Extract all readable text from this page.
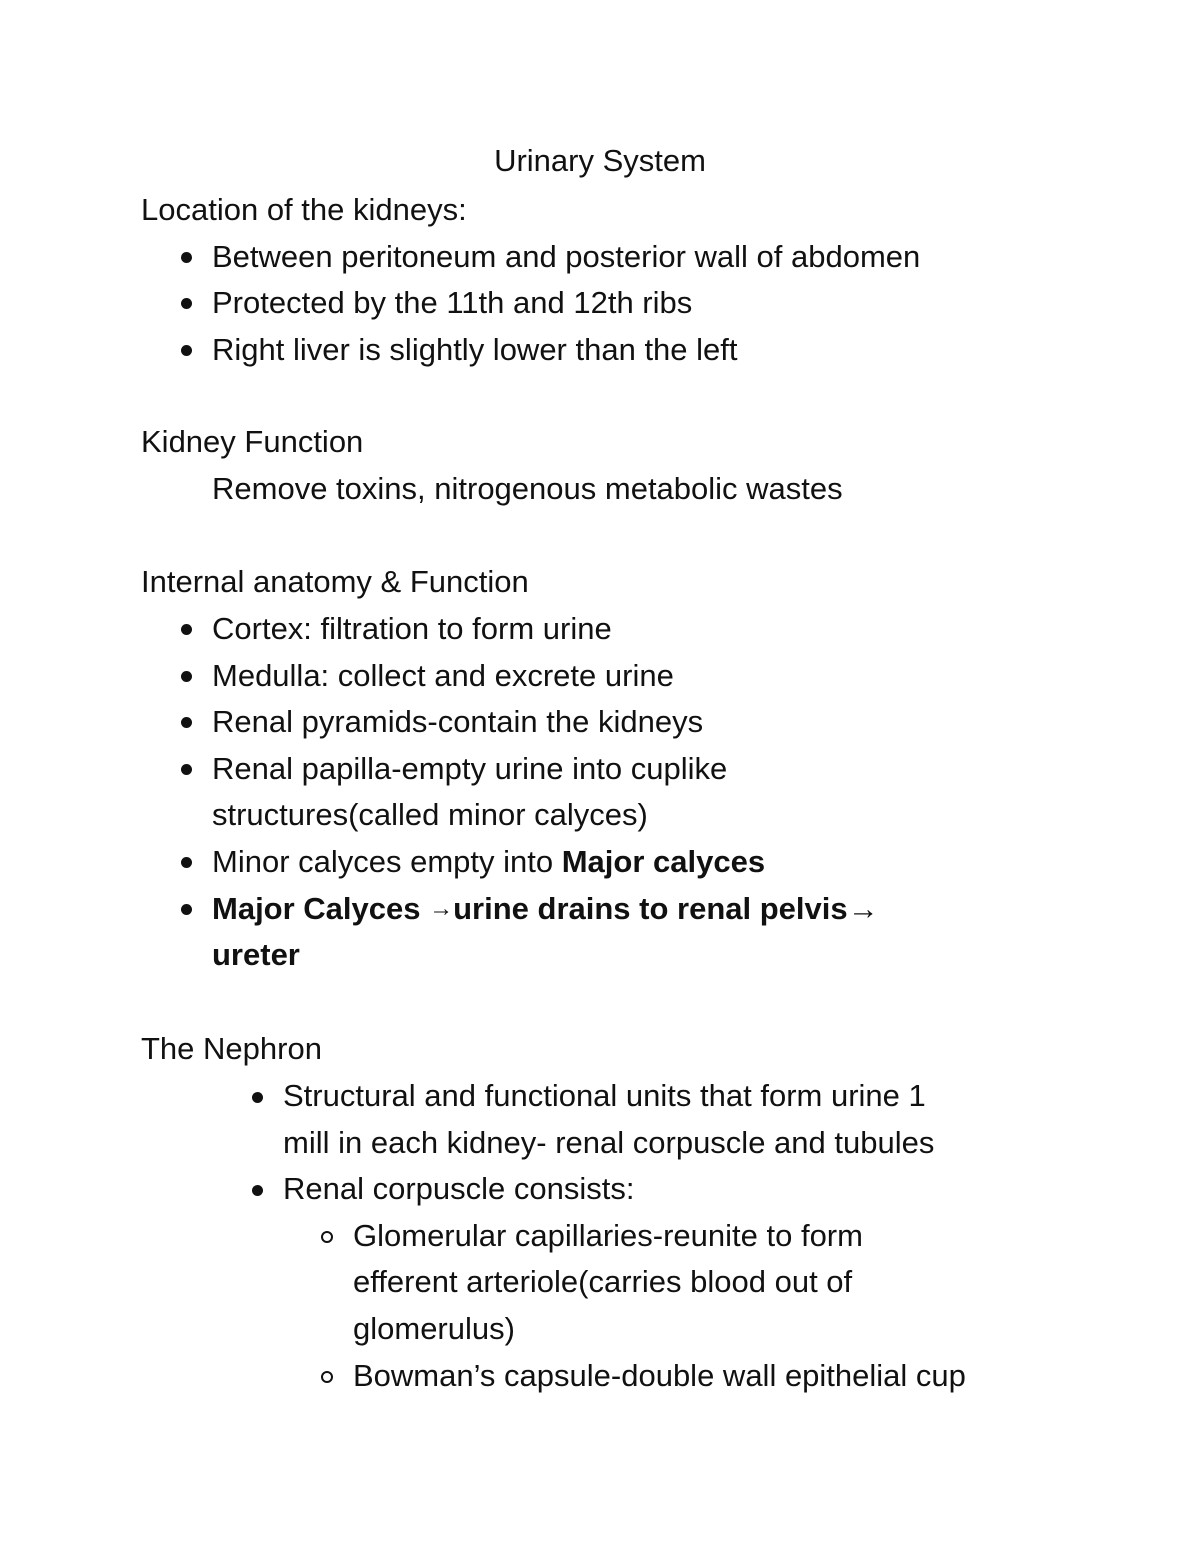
Urinary System
Location of the kidneys:
Between peritoneum and posterior wall of abdomen
Protected by the 11th and 12th ribs
Right liver is slightly lower than the left
Kidney Function
Remove toxins, nitrogenous metabolic wastes
Internal anatomy & Function
Cortex: filtration to form urine
Medulla: collect and excrete urine
Renal pyramids-contain the kidneys
Renal papilla-empty urine into cuplike
structures(called minor calyces)
Minor calyces empty into Major calyces
Major Calyces →urine drains to renal pelvis→
ureter
The Nephron
Structural and functional units that form urine 1
mill in each kidney- renal corpuscle and tubules
Renal corpuscle consists:
Glomerular capillaries-reunite to form
efferent arteriole(carries blood out of
glomerulus)
Bowman’s capsule-double wall epithelial cup
